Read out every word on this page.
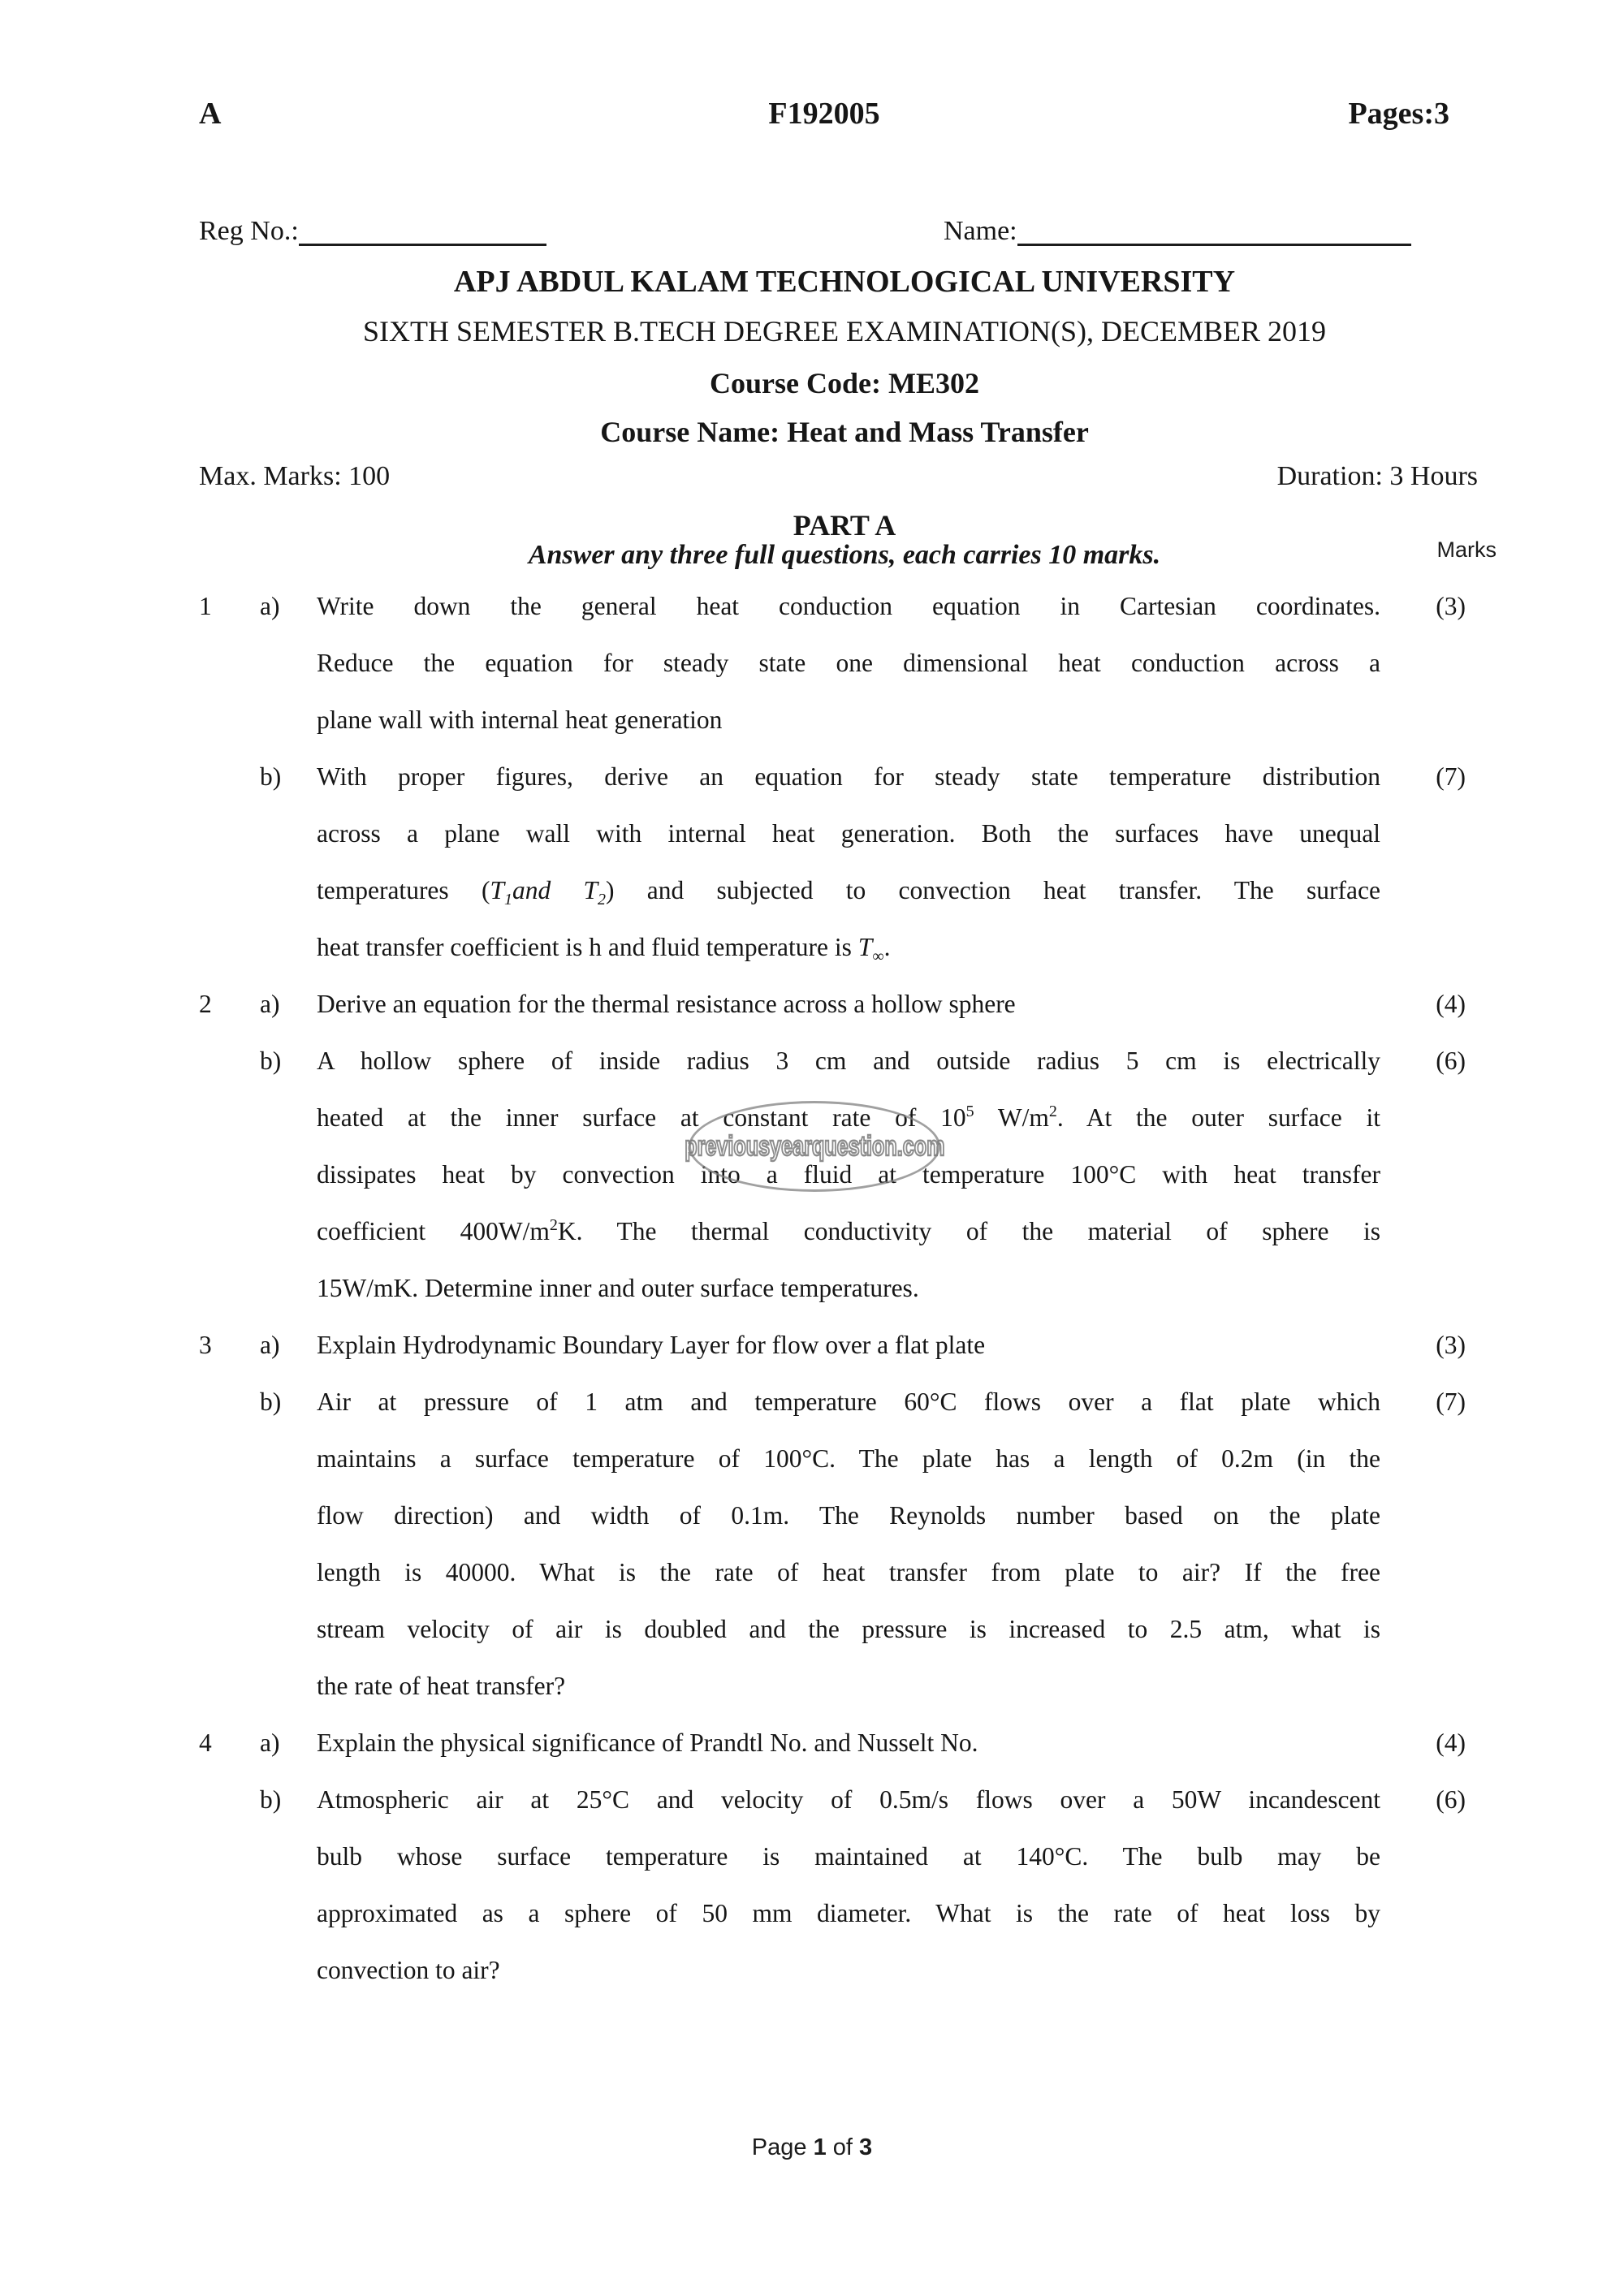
A	F192005	Pages:3
Reg No.:	Name:
APJ ABDUL KALAM TECHNOLOGICAL UNIVERSITY
SIXTH SEMESTER B.TECH DEGREE EXAMINATION(S), DECEMBER 2019
Course Code: ME302
Course Name: Heat and Mass Transfer
Max. Marks: 100	Duration: 3 Hours
PART A
Answer any three full questions, each carries 10 marks.	Marks
1	a)	Write down the general heat conduction equation in Cartesian coordinates.
Reduce the equation for steady state one dimensional heat conduction across a
plane wall with internal heat generation
(3)
b)	With proper figures, derive an equation for steady state temperature distribution
across a plane wall with internal heat generation. Both the surfaces have unequal
temperatures ($T_1and$ $T_2$) and subjected to convection heat transfer. The surface
heat transfer coefficient is h and fluid temperature is $T_\infty$.
(7)
2	a)	Derive an equation for the thermal resistance across a hollow sphere	(4)
b)	A hollow sphere of inside radius 3 cm and outside radius 5 cm is electrically
heated at the inner surface at constant rate of $10^5$ $W/m^2$. At the outer surface it
dissipates heat by convection into a fluid at temperature 100°C with heat transfer
coefficient $400W/m^2K$. The thermal conductivity of the material of sphere is
15W/mK. Determine inner and outer surface temperatures.
(6)
3	a)	Explain Hydrodynamic Boundary Layer for flow over a flat plate	(3)
b)	Air at pressure of 1 atm and temperature 60°C flows over a flat plate which
maintains a surface temperature of 100°C. The plate has a length of 0.2m (in the
flow direction) and width of 0.1m. The Reynolds number based on the plate
length is 40000. What is the rate of heat transfer from plate to air? If the free
stream velocity of air is doubled and the pressure is increased to 2.5 atm, what is
the rate of heat transfer?
(7)
4	a)	Explain the physical significance of Prandtl No. and Nusselt No.	(4)
b)	Atmospheric air at 25°C and velocity of 0.5m/s flows over a 50W incandescent
bulb whose surface temperature is maintained at 140°C. The bulb may be
approximated as a sphere of 50 mm diameter. What is the rate of heat loss by
convection to air?
(6)
previousyearquestion.com
Page 1 of 3
